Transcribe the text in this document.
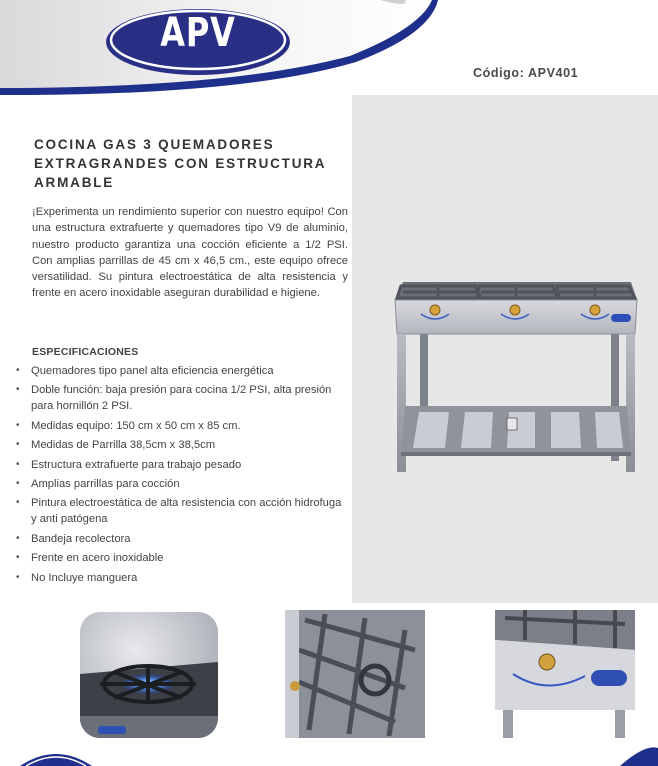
APV
Código: APV401
COCINA GAS 3 QUEMADORES EXTRAGRANDES CON ESTRUCTURA ARMABLE
¡Experimenta un rendimiento superior con nuestro equipo! Con una estructura extrafuerte y quemadores tipo V9 de aluminio, nuestro producto garantiza una cocción eficiente a 1/2 PSI. Con amplias parrillas de 45 cm x 46,5 cm., este equipo ofrece versatilidad. Su pintura electroestática de alta resistencia y frente en acero inoxidable aseguran durabilidad e higiene.
ESPECIFICACIONES
• Quemadores tipo panel alta eficiencia energética
• Doble función: baja presión para cocina 1/2 PSI, alta presión para hornillón 2 PSI.
• Medidas equipo: 150 cm x 50 cm x 85 cm.
• Medidas de Parrilla 38,5cm x 38,5cm
• Estructura extrafuerte para trabajo pesado
• Amplias parrillas para cocción
• Pintura electroestática de alta resistencia con acción hidrofuga y anti patógena
• Bandeja recolectora
• Frente en acero inoxidable
• No Incluye manguera
